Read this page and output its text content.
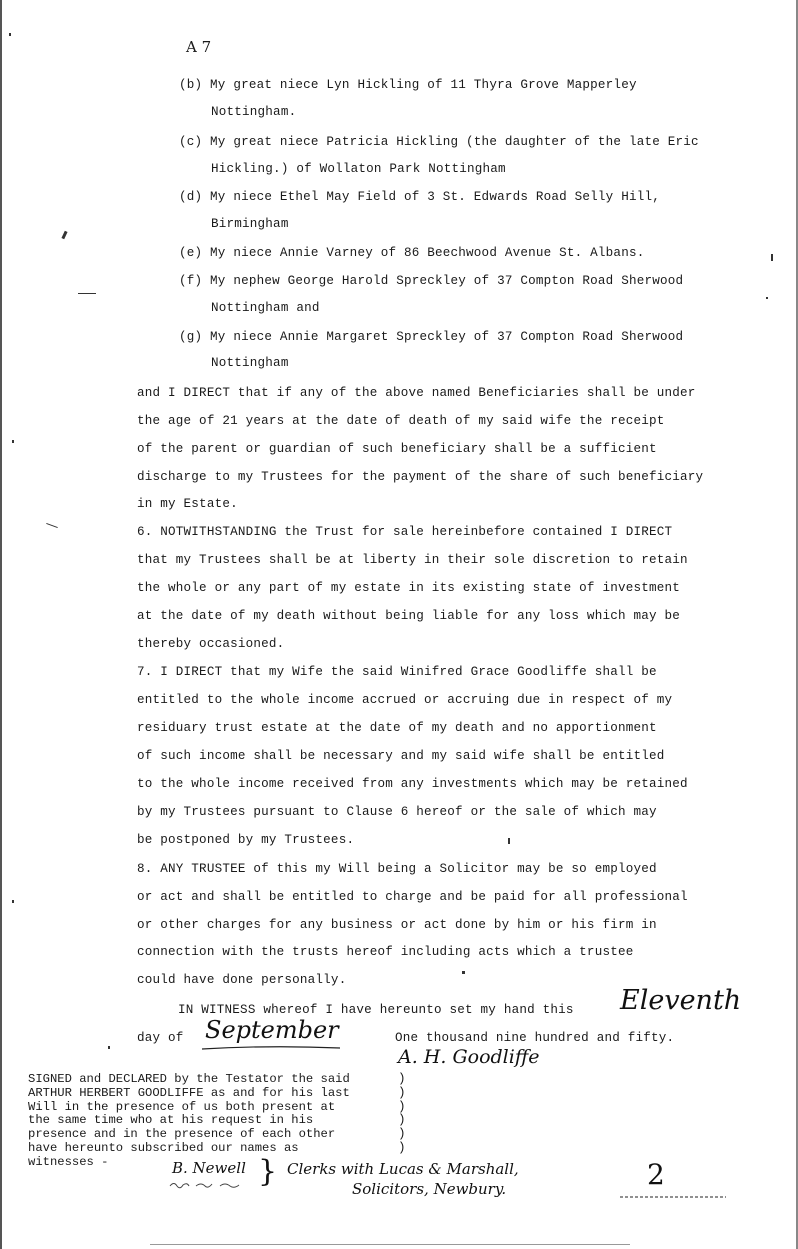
A 7
(b) My great niece Lyn Hickling of 11 Thyra Grove Mapperley
Nottingham.
(c) My great niece Patricia Hickling (the daughter of the late Eric
Hickling.) of Wollaton Park Nottingham
(d) My niece Ethel May Field of 3 St. Edwards Road Selly Hill,
Birmingham
(e) My niece Annie Varney of 86 Beechwood Avenue St. Albans.
(f) My nephew George Harold Spreckley of 37 Compton Road Sherwood
Nottingham and
(g) My niece Annie Margaret Spreckley of 37 Compton Road Sherwood
Nottingham
and I DIRECT that if any of the above named Beneficiaries shall be under
the age of 21 years at the date of death of my said wife the receipt
of the parent or guardian of such beneficiary shall be a sufficient
discharge to my Trustees for the payment of the share of such beneficiary
in my Estate.
6. NOTWITHSTANDING the Trust for sale hereinbefore contained I DIRECT
that my Trustees shall be at liberty in their sole discretion to retain
the whole or any part of my estate in its existing state of investment
at the date of my death without being liable for any loss which may be
thereby occasioned.
7. I DIRECT that my Wife the said Winifred Grace Goodliffe shall be
entitled to the whole income accrued or accruing due in respect of my
residuary trust estate at the date of my death and no apportionment
of such income shall be necessary and my said wife shall be entitled
to the whole income received from any investments which may be retained
by my Trustees pursuant to Clause 6 hereof or the sale of which may
be postponed by my Trustees.
8. ANY TRUSTEE of this my Will being a Solicitor may be so employed
or act and shall be entitled to charge and be paid for all professional
or other charges for any business or act done by him or his firm in
connection with the trusts hereof including acts which a trustee
could have done personally.
IN WITNESS whereof I have hereunto set my hand this Eleventh
day of September	One thousand nine hundred and fifty.
A. H. Goodliffe
SIGNED and DECLARED by the Testator the said
ARTHUR HERBERT GOODLIFFE as and for his last
Will in the presence of us both present at
the same time who at his request in his
presence and in the presence of each other
have hereunto subscribed our names as
witnesses -
)
)
)
)
)
)
B. Newell } Clerks with Lucas & Marshall,
Solicitors, Newbury.	2
